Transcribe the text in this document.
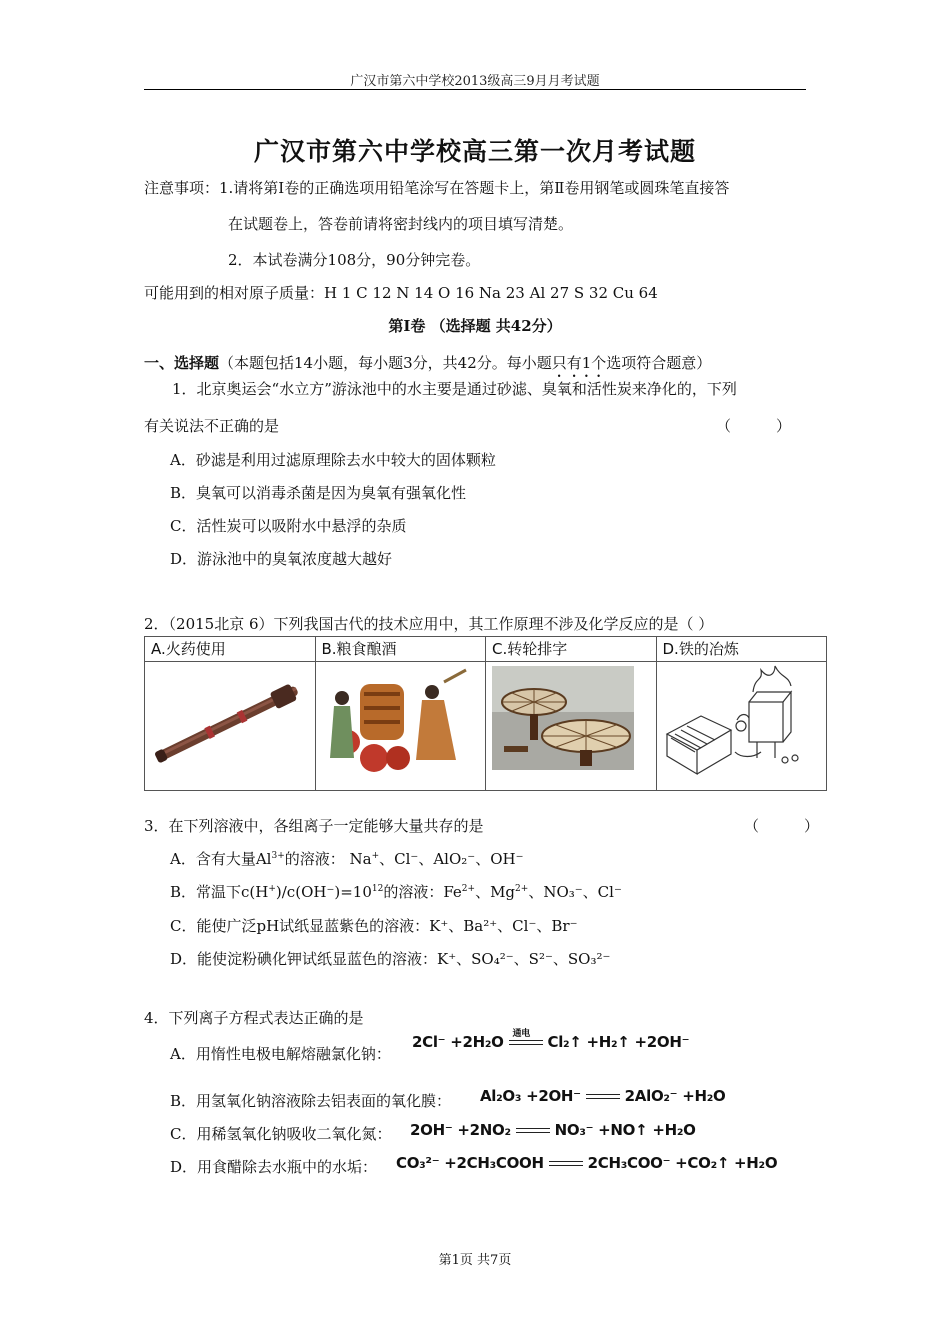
广汉市第六中学校2013级高三9月月考试题
广汉市第六中学校高三第一次月考试题
注意事项：1.请将第Ⅰ卷的正确选项用铅笔涂写在答题卡上，第Ⅱ卷用钢笔或圆珠笔直接答
在试题卷上，答卷前请将密封线内的项目填写清楚。
2．本试卷满分108分，90分钟完卷。
可能用到的相对原子质量：H 1 C 12 N 14 O 16 Na 23 Al 27 S 32 Cu 64
第Ⅰ卷 （选择题 共42分）
一、选择题（本题包括14小题，每小题3分，共42分。每小题只有1个选项符合题意）
1．北京奥运会“水立方”游泳池中的水主要是通过砂滤、臭氧和活性炭来净化的，下列
有关说法不正确的是	（　　　）
A．砂滤是利用过滤原理除去水中较大的固体颗粒
B．臭氧可以消毒杀菌是因为臭氧有强氧化性
C．活性炭可以吸附水中悬浮的杂质
D．游泳池中的臭氧浓度越大越好
2．（2015北京 6）下列我国古代的技术应用中，其工作原理不涉及化学反应的是（ ）
A.火药使用	B.粮食酿酒	C.转轮排字	D.铁的冶炼

3．在下列溶液中，各组离子一定能够大量共存的是	（　　　）
A．含有大量$Al^{3+}$的溶液： Na+、Cl⁻、AlO₂⁻、OH⁻
B．常温下$c(H^+)/c(OH^-)=10^{12}$的溶液：$Fe^{2+}$、$Mg^{2+}$、NO₃⁻、Cl⁻
C．能使广泛pH试纸显蓝紫色的溶液：K⁺、Ba²⁺、Cl⁻、Br⁻
D．能使淀粉碘化钾试纸显蓝色的溶液：K⁺、SO₄²⁻、S²⁻、SO₃²⁻
4．下列离子方程式表达正确的是
A．用惰性电极电解熔融氯化钠：
2Cl⁻ +2H₂O 通电 Cl₂↑ +H₂↑ +2OH⁻
B．用氢氧化钠溶液除去铝表面的氧化膜： Al₂O₃ +2OH⁻	2AlO₂⁻ +H₂O
C．用稀氢氧化钠吸收二氧化氮： 2OH⁻ +2NO₂	NO₃⁻ +NO↑ +H₂O
D．用食醋除去水瓶中的水垢： CO₃²⁻ +2CH₃COOH	2CH₃COO⁻ +CO₂↑ +H₂O
第1页 共7页
